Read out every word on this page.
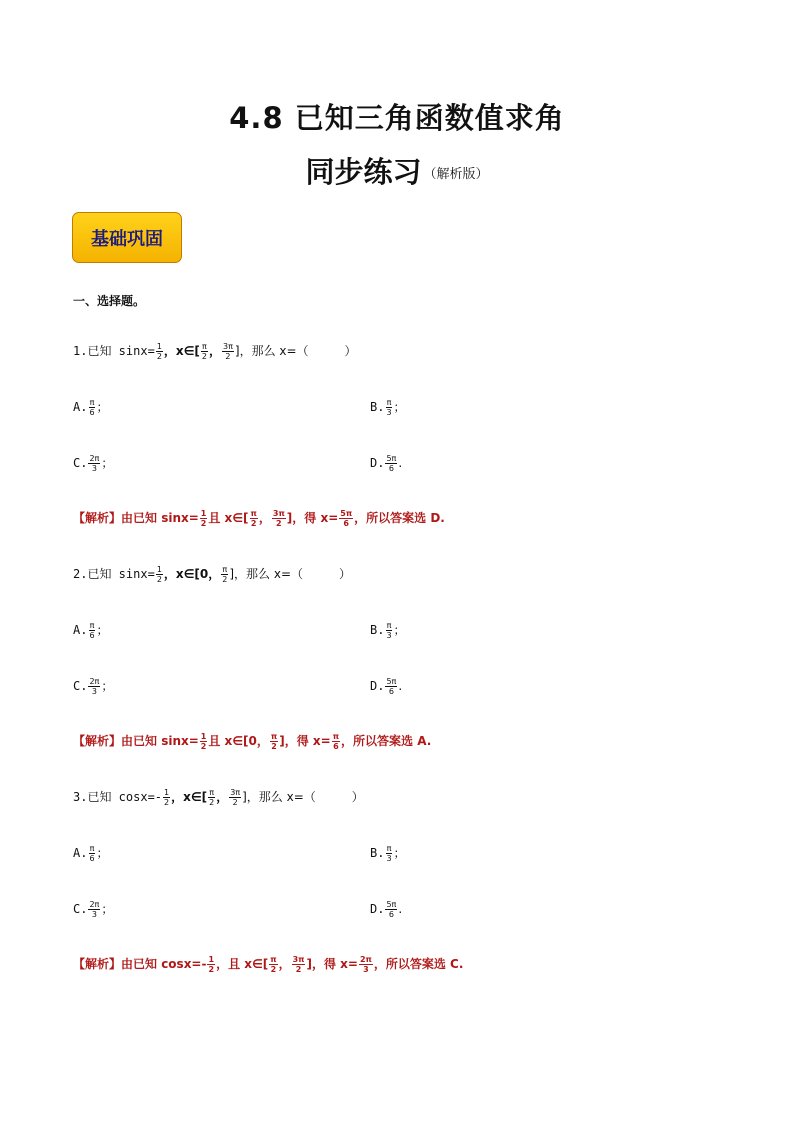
4.8 已知三角函数值求角
同步练习 $^{(解析版)}$
基础巩固
一、选择题。
1.已知 $\sin x= \frac{1}{2}$ ，x∈[ $\frac{\pi}{2}$ ， $\frac{3\pi}{2}$ ]，那么 x=（　　　）
A. $\frac{\pi}{6}$ ；	B. $\frac{\pi}{3}$ ；
C. $\frac{2\pi}{3}$ ；	D. $\frac{5\pi}{6}$ .
【解析】由已知 $\sin x= \frac{1}{2}$ 且 x∈[ $\frac{\pi}{2}$ ， $\frac{3\pi}{2}$ ]，得 $x= \frac{5\pi}{6}$ ，所以答案选 D.
2.已知 $\sin x= \frac{1}{2}$ ，x∈[0， $\frac{\pi}{2}$ ]，那么 x=（　　　）
A. $\frac{\pi}{6}$ ；	B. $\frac{\pi}{3}$ ；
C. $\frac{2\pi}{3}$ ；	D. $\frac{5\pi}{6}$ .
【解析】由已知 $\sin x= \frac{1}{2}$ 且 x∈[0， $\frac{\pi}{2}$ ]，得 $x= \frac{\pi}{6}$ ，所以答案选 A.
3.已知 $\cos x=- \frac{1}{2}$ ，x∈[ $\frac{\pi}{2}$ ， $\frac{3\pi}{2}$ ]，那么 x=（　　　）
A. $\frac{\pi}{6}$ ；	B. $\frac{\pi}{3}$ ；
C. $\frac{2\pi}{3}$ ；	D. $\frac{5\pi}{6}$ .
【解析】由已知 $\cos x=- \frac{1}{2}$ ，且 x∈[ $\frac{\pi}{2}$ ， $\frac{3\pi}{2}$ ]，得 $x= \frac{2\pi}{3}$ ，所以答案选 C.
